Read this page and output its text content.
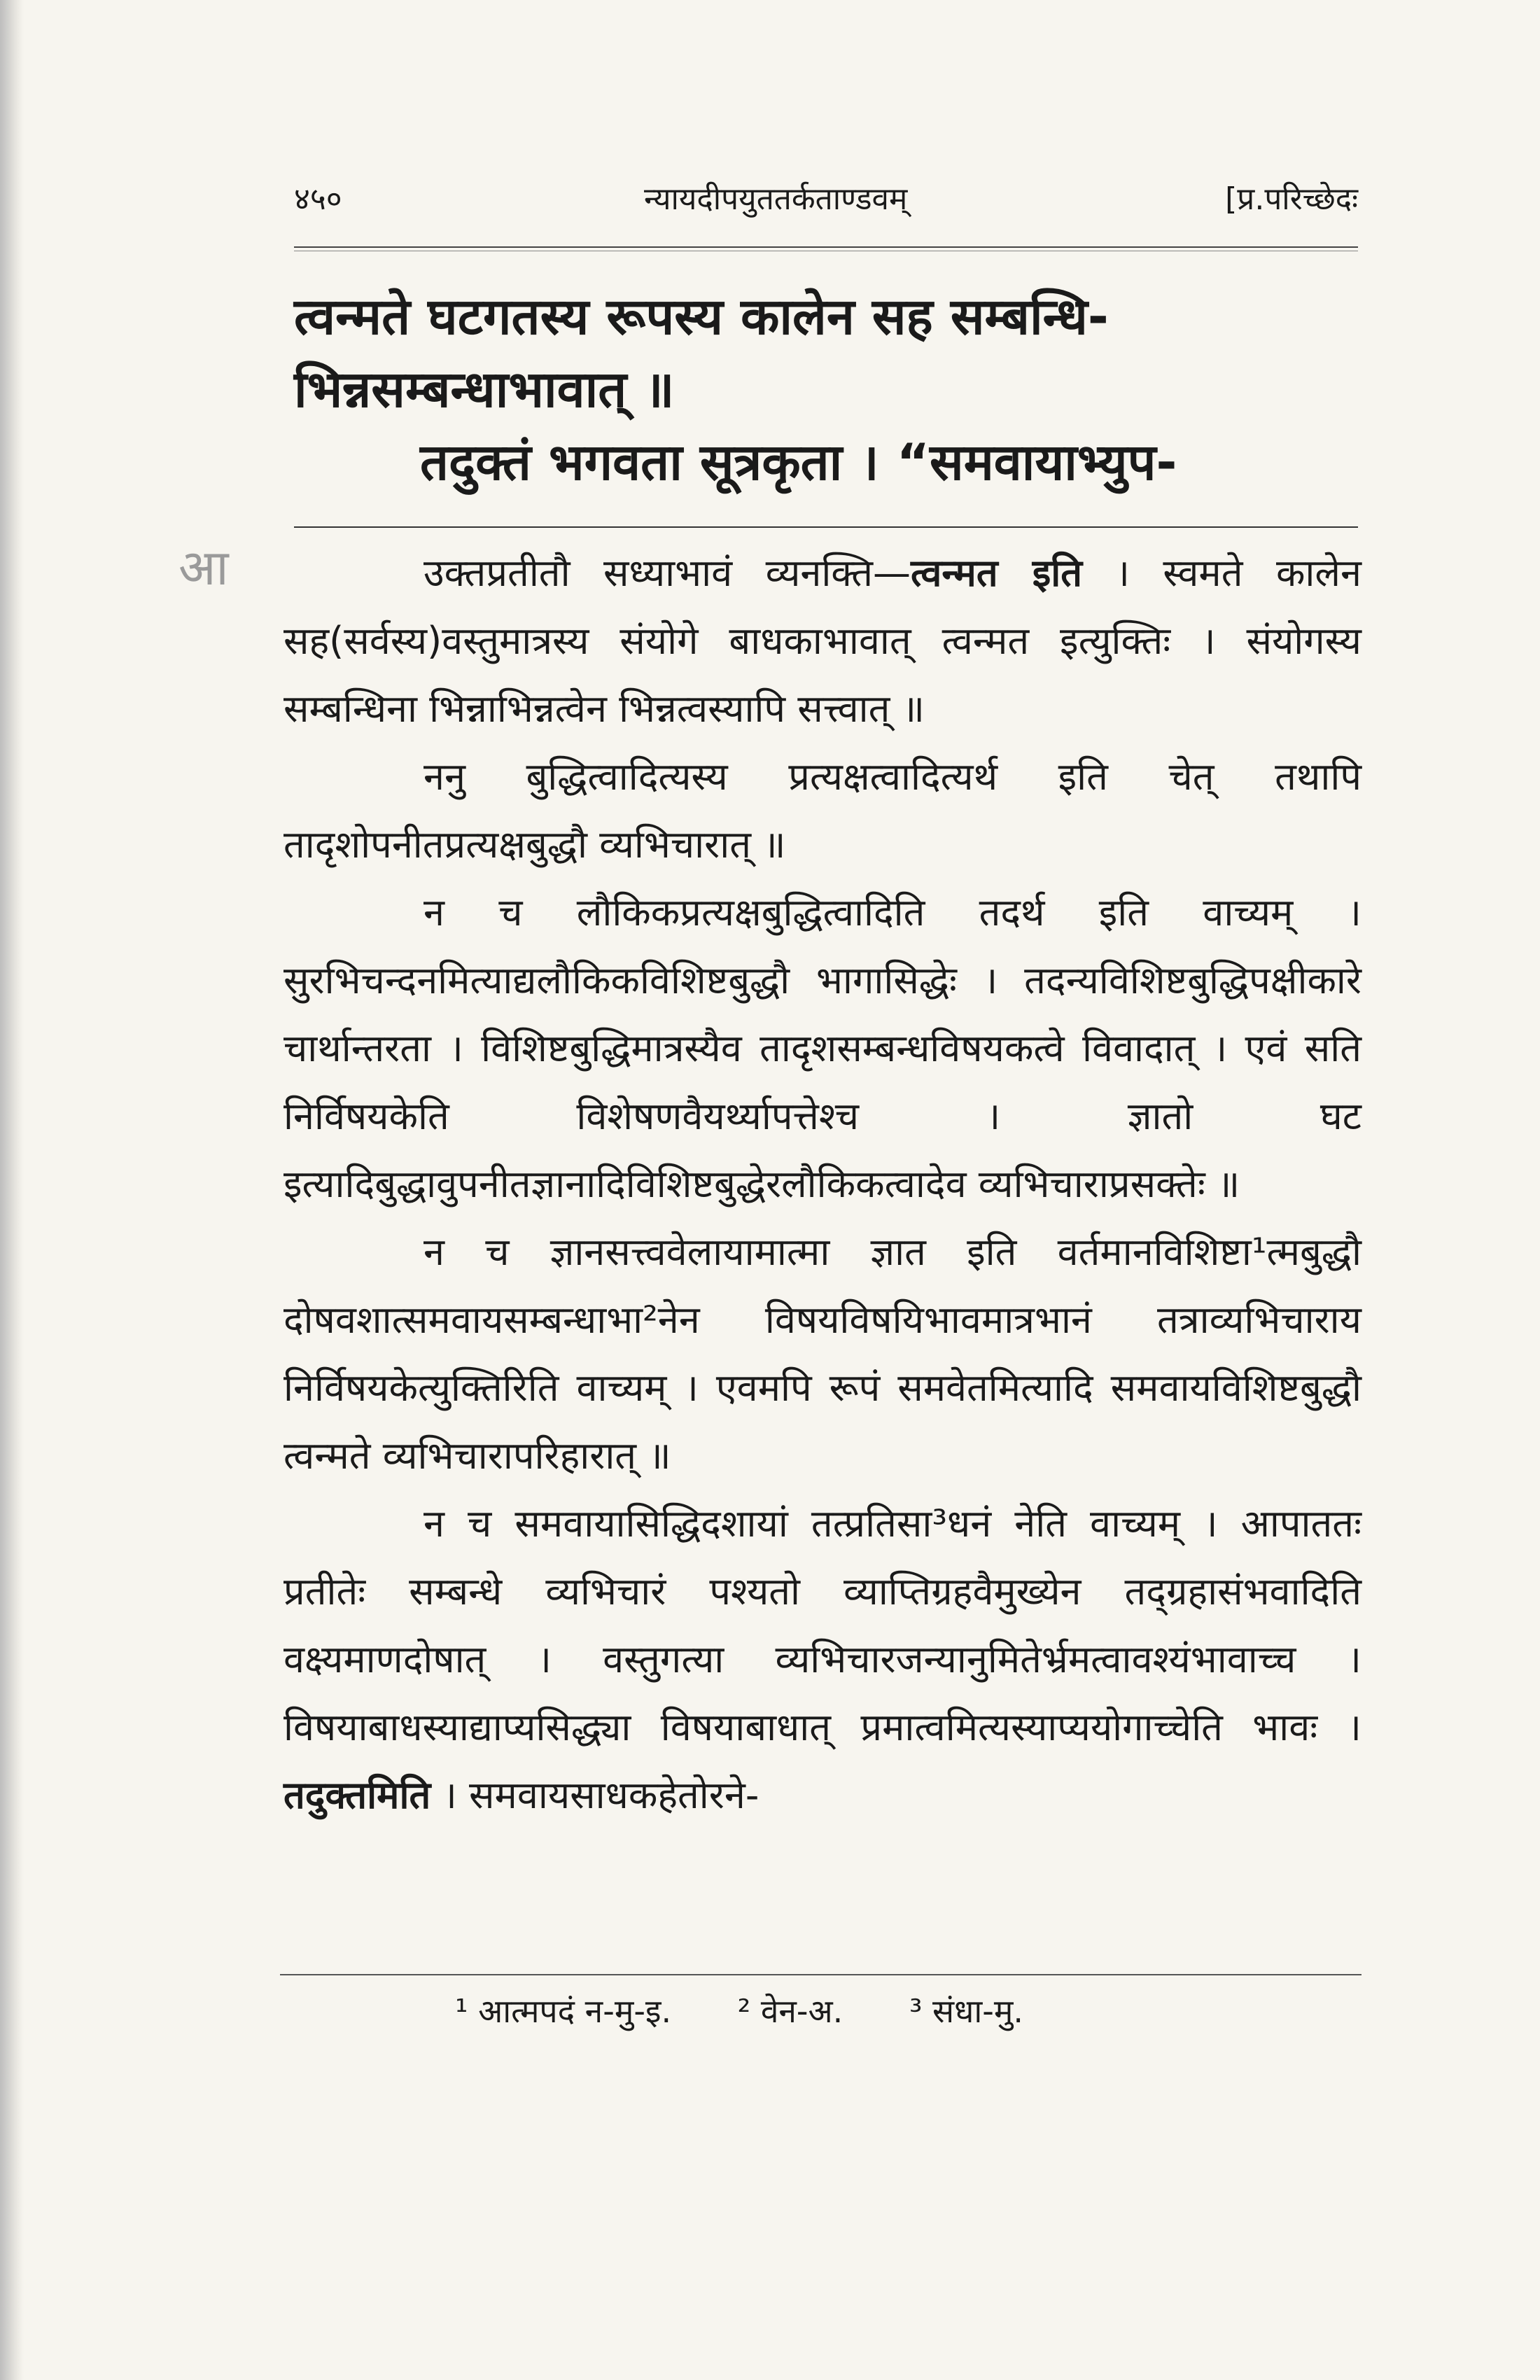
४५०	न्यायदीपयुततर्कताण्डवम्	[प्र.परिच्छेदः

त्वन्मते घटगतस्य रूपस्य कालेन सह सम्बन्धि-

भिन्नसम्बन्धाभावात् ॥

तदुक्तं भगवता सूत्रकृता । “समवायाभ्युप-

आ	उक्तप्रतीतौ सध्याभावं व्यनक्ति—त्वन्मत इति । स्वमते कालेन सह(सर्वस्य)वस्तुमात्रस्य संयोगे बाधकाभावात् त्वन्मत इत्युक्तिः । संयोगस्य सम्बन्धिना भिन्नाभिन्नत्वेन भिन्नत्वस्यापि सत्त्वात् ॥

ननु बुद्धित्वादित्यस्य प्रत्यक्षत्वादित्यर्थ इति चेत् तथापि तादृशोपनीतप्रत्यक्षबुद्धौ व्यभिचारात् ॥

न च लौकिकप्रत्यक्षबुद्धित्वादिति तदर्थ इति वाच्यम् । सुरभिचन्दनमित्याद्यलौकिकविशिष्टबुद्धौ भागासिद्धेः । तदन्यविशिष्टबुद्धिपक्षीकारे चार्थान्तरता । विशिष्टबुद्धिमात्रस्यैव तादृशसम्बन्धविषयकत्वे विवादात् । एवं सति निर्विषयकेति विशेषणवैयर्थ्यापत्तेश्च । ज्ञातो घट इत्यादिबुद्धावुपनीतज्ञानादिविशिष्टबुद्धेरलौकिकत्वादेव व्यभिचाराप्रसक्तेः ॥

न च ज्ञानसत्त्ववेलायामात्मा ज्ञात इति वर्तमानविशिष्टा¹त्मबुद्धौ दोषवशात्समवायसम्बन्धाभा²नेन विषयविषयिभावमात्रभानं तत्राव्यभिचाराय निर्विषयकेत्युक्तिरिति वाच्यम् । एवमपि रूपं समवेतमित्यादि समवायविशिष्टबुद्धौ त्वन्मते व्यभिचारापरिहारात् ॥

न च समवायासिद्धिदशायां तत्प्रतिसा³धनं नेति वाच्यम् । आपाततः प्रतीतेः सम्बन्धे व्यभिचारं पश्यतो व्याप्तिग्रहवैमुख्येन तद्ग्रहासंभवादिति वक्ष्यमाणदोषात् । वस्तुगत्या व्यभिचारजन्यानुमितेर्भ्रमत्वावश्यंभावाच्च । विषयाबाधस्याद्याप्यसिद्ध्या विषयाबाधात् प्रमात्वमित्यस्याप्ययोगाच्चेति भावः । तदुक्तमिति । समवायसाधकहेतोरने-

¹ आत्मपदं न-मु-इ. ² वेन-अ. ³ संधा-मु.
